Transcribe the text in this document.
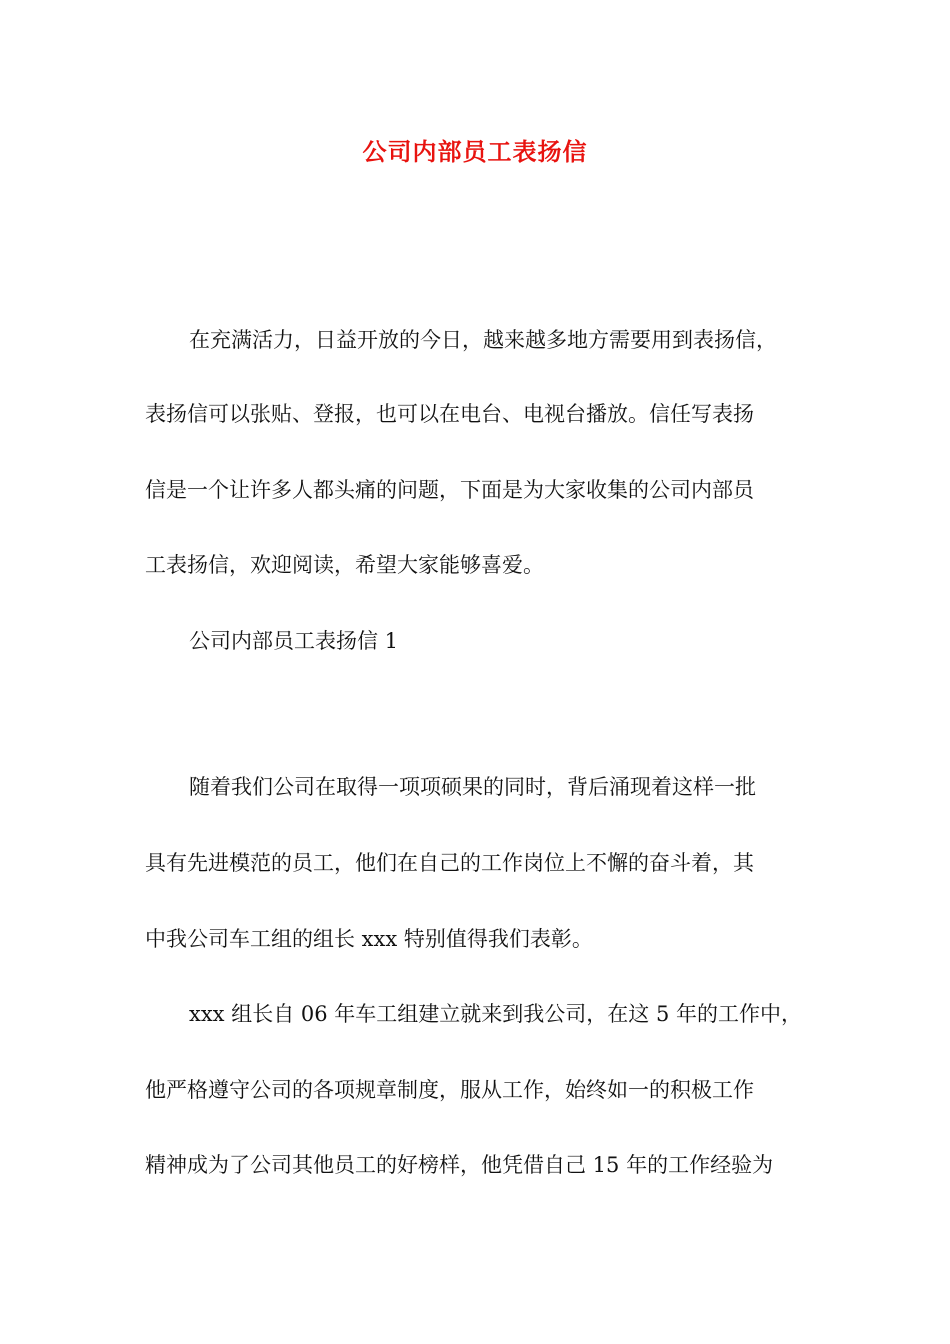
公司内部员工表扬信
在充满活力，日益开放的今日，越来越多地方需要用到表扬信，
表扬信可以张贴、登报，也可以在电台、电视台播放。信任写表扬
信是一个让许多人都头痛的问题，下面是为大家收集的公司内部员
工表扬信，欢迎阅读，希望大家能够喜爱。
公司内部员工表扬信 1
随着我们公司在取得一项项硕果的同时，背后涌现着这样一批
具有先进模范的员工，他们在自己的工作岗位上不懈的奋斗着，其
中我公司车工组的组长 xxx 特别值得我们表彰。
xxx 组长自 06 年车工组建立就来到我公司，在这 5 年的工作中，
他严格遵守公司的各项规章制度，服从工作，始终如一的积极工作
精神成为了公司其他员工的好榜样，他凭借自己 15 年的工作经验为
